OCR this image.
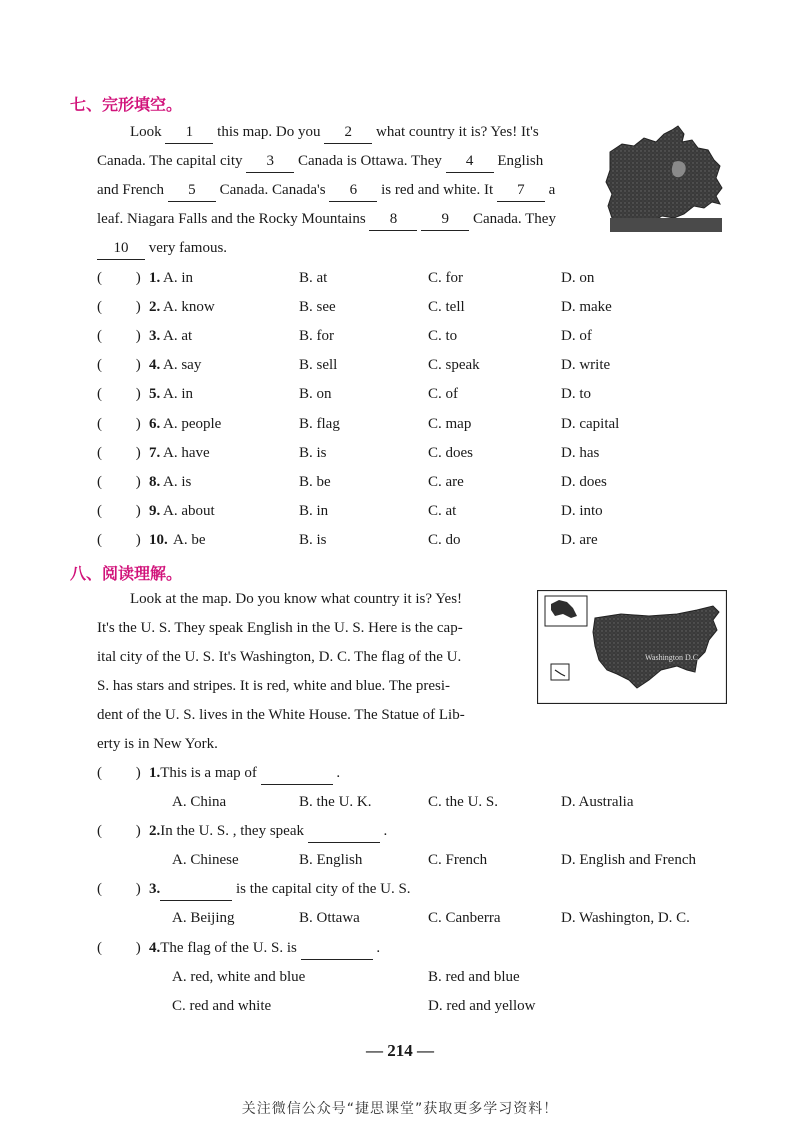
七、完形填空。
Look 1 this map. Do you 2 what country it is? Yes! It's
Canada. The capital city 3 Canada is Ottawa. They 4 English
and French 5 Canada. Canada's 6 is red and white. It 7 a
leaf. Niagara Falls and the Rocky Mountains 8	9 Canada. They
10 very famous.
(         ) 1. A. in	B. at	C. for	D. on
(         ) 2. A. know	B. see	C. tell	D. make
(         ) 3. A. at	B. for	C. to	D. of
(         ) 4. A. say	B. sell	C. speak	D. write
(         ) 5. A. in	B. on	C. of	D. to
(         ) 6. A. people	B. flag	C. map	D. capital
(         ) 7. A. have	B. is	C. does	D. has
(         ) 8. A. is	B. be	C. are	D. does
(         ) 9. A. about	B. in	C. at	D. into
(         ) 10. A. be	B. is	C. do	D. are
八、阅读理解。
Washington D.C.
Look at the map. Do you know what country it is? Yes!
It's the U. S. They speak English in the U. S. Here is the cap-
ital city of the U. S. It's Washington, D. C. The flag of the U.
S. has stars and stripes. It is red, white and blue. The presi-
dent of the U. S. lives in the White House. The Statue of Lib-
erty is in New York.
(         ) 1.This is a map of	.
A. China	B. the U. K.	C. the U. S.	D. Australia
(         ) 2.In the U. S. , they speak	.
A. Chinese	B. English	C. French	D. English and French
(         ) 3.	is the capital city of the U. S.
A. Beijing	B. Ottawa	C. Canberra	D. Washington, D. C.
(         ) 4.The flag of the U. S. is	.
A. red, white and blue	B. red and blue
C. red and white	D. red and yellow
— 214 —
关注微信公众号“捷思课堂”获取更多学习资料！
